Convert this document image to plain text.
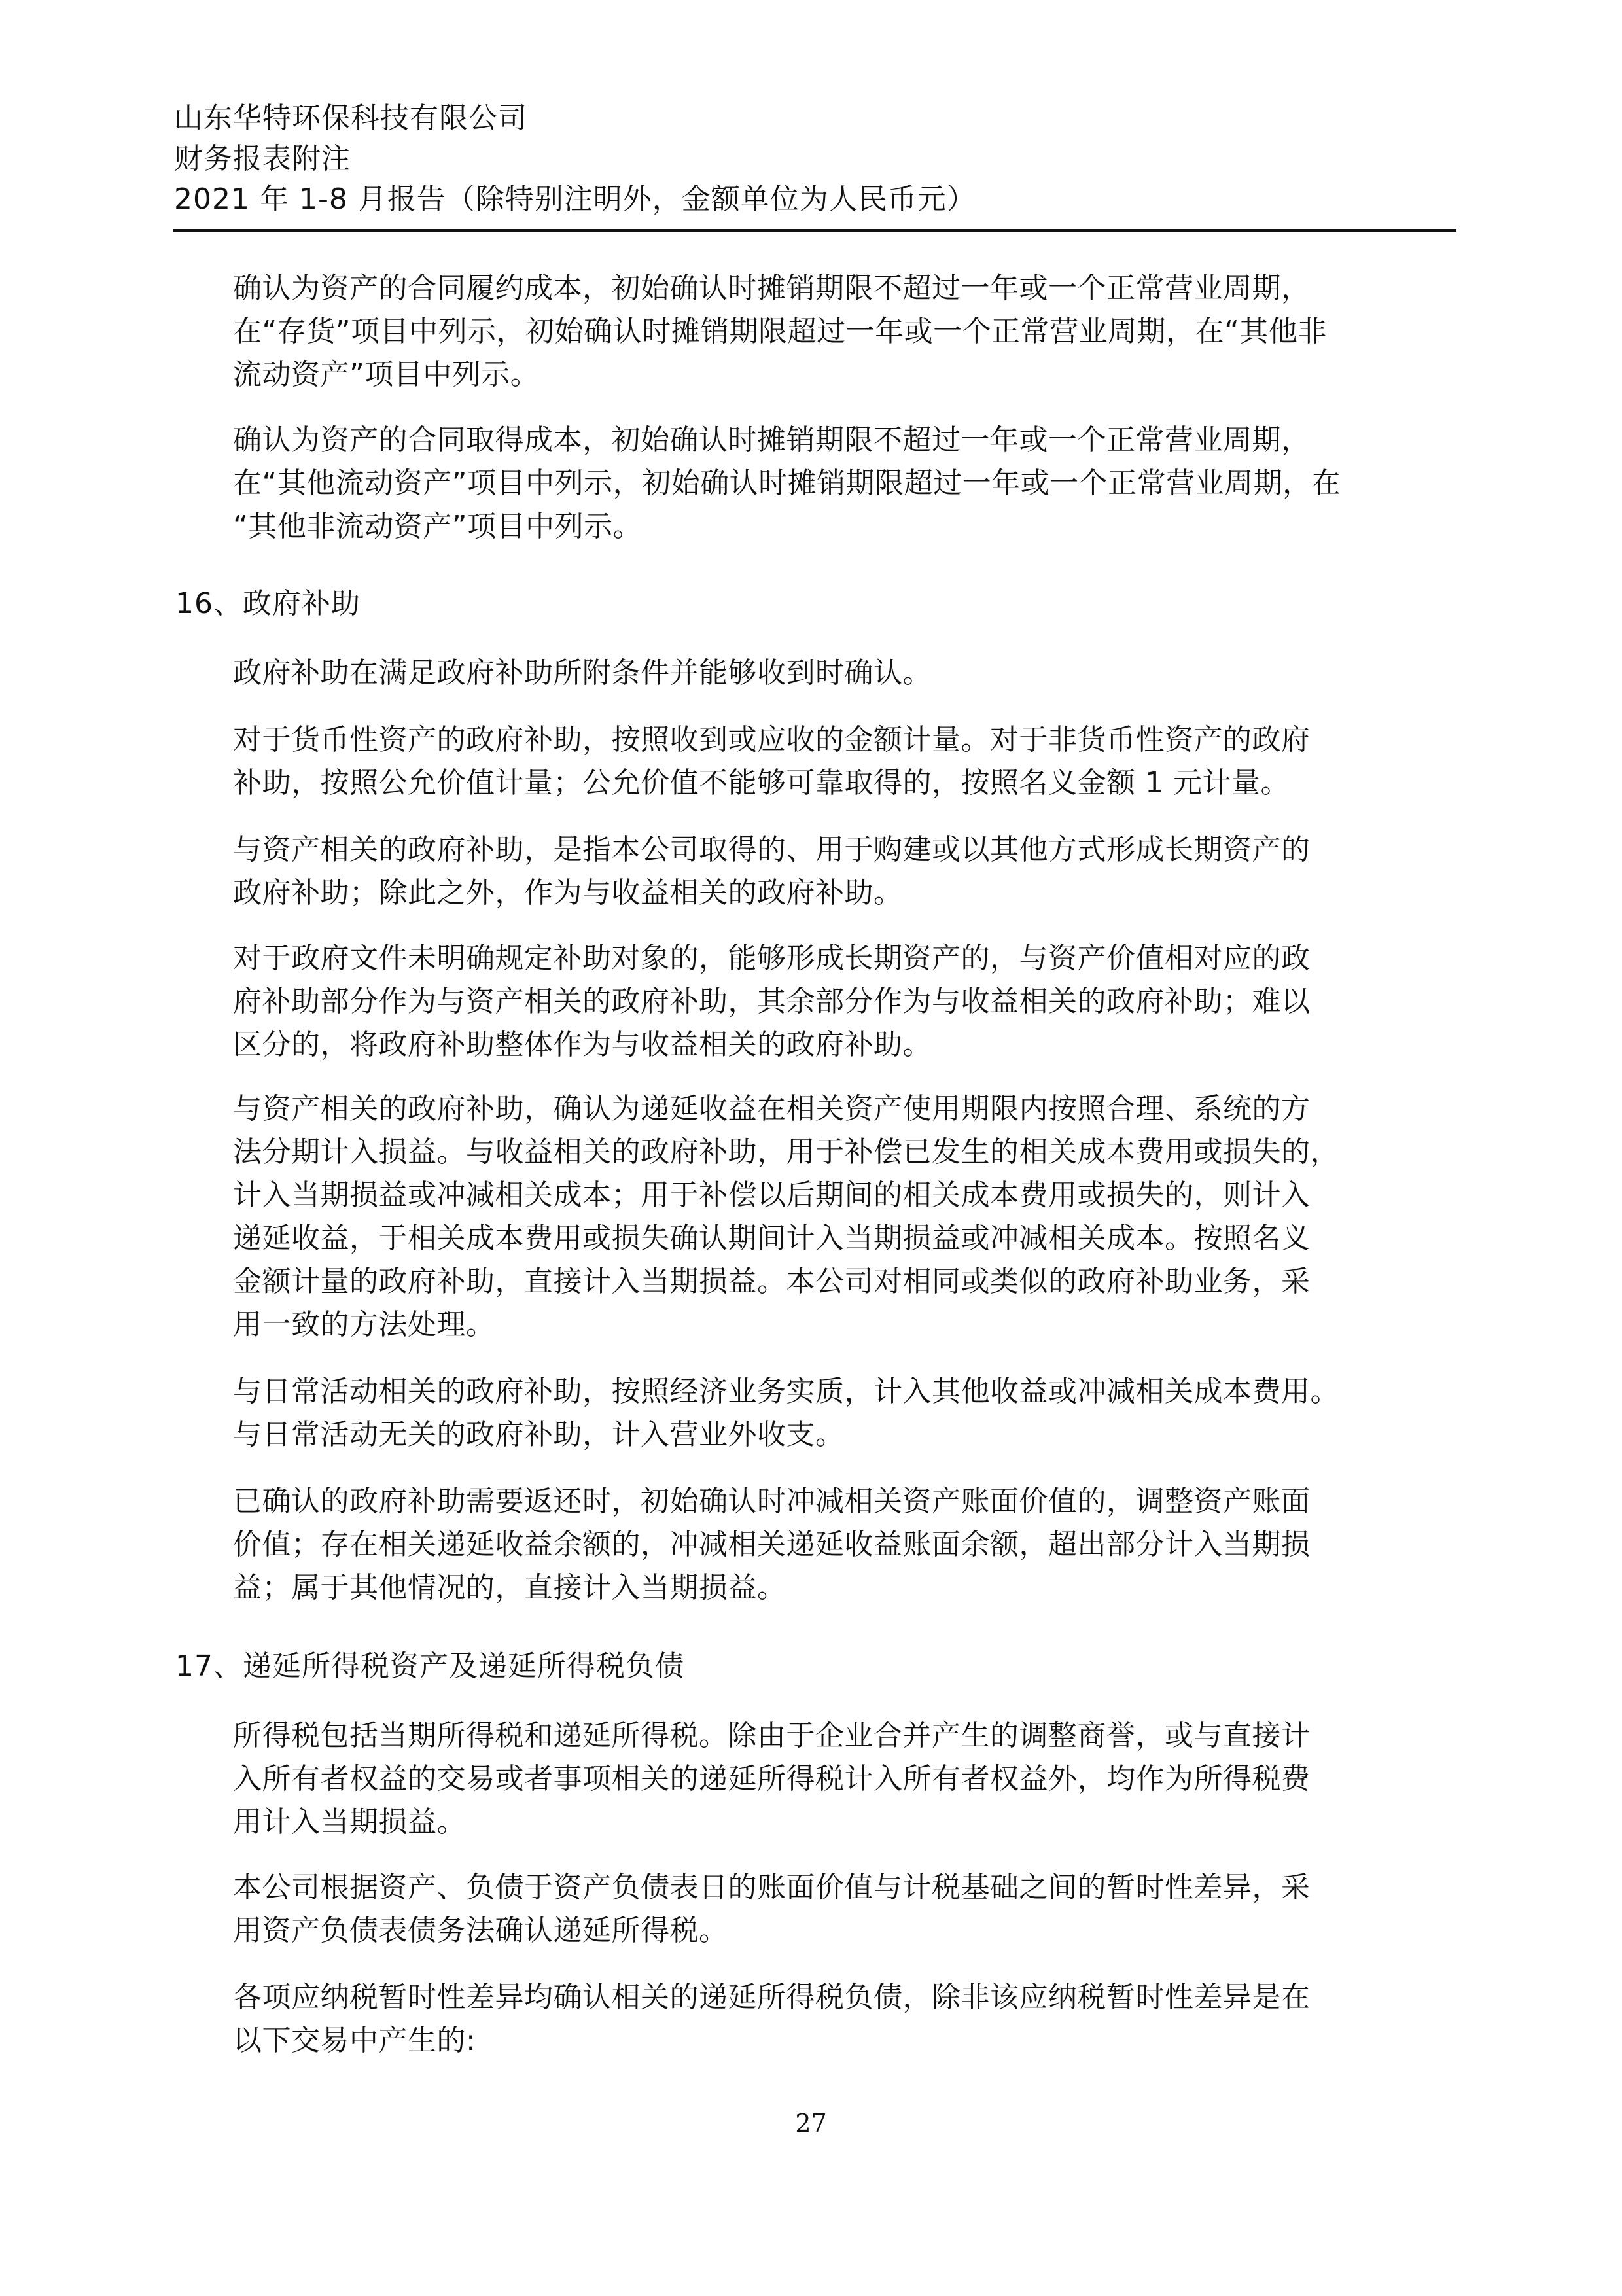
山东华特环保科技有限公司
财务报表附注
2021 年 1-8 月报告（除特别注明外，金额单位为人民币元）
确认为资产的合同履约成本，初始确认时摊销期限不超过一年或一个正常营业周期，
在“存货”项目中列示，初始确认时摊销期限超过一年或一个正常营业周期，在“其他非
流动资产”项目中列示。
确认为资产的合同取得成本，初始确认时摊销期限不超过一年或一个正常营业周期，
在“其他流动资产”项目中列示，初始确认时摊销期限超过一年或一个正常营业周期，在
“其他非流动资产”项目中列示。
16、政府补助
政府补助在满足政府补助所附条件并能够收到时确认。
对于货币性资产的政府补助，按照收到或应收的金额计量。对于非货币性资产的政府
补助，按照公允价值计量；公允价值不能够可靠取得的，按照名义金额 1 元计量。
与资产相关的政府补助，是指本公司取得的、用于购建或以其他方式形成长期资产的
政府补助；除此之外，作为与收益相关的政府补助。
对于政府文件未明确规定补助对象的，能够形成长期资产的，与资产价值相对应的政
府补助部分作为与资产相关的政府补助，其余部分作为与收益相关的政府补助；难以
区分的，将政府补助整体作为与收益相关的政府补助。
与资产相关的政府补助，确认为递延收益在相关资产使用期限内按照合理、系统的方
法分期计入损益。与收益相关的政府补助，用于补偿已发生的相关成本费用或损失的，
计入当期损益或冲减相关成本；用于补偿以后期间的相关成本费用或损失的，则计入
递延收益，于相关成本费用或损失确认期间计入当期损益或冲减相关成本。按照名义
金额计量的政府补助，直接计入当期损益。本公司对相同或类似的政府补助业务，采
用一致的方法处理。
与日常活动相关的政府补助，按照经济业务实质，计入其他收益或冲减相关成本费用。
与日常活动无关的政府补助，计入营业外收支。
已确认的政府补助需要返还时，初始确认时冲减相关资产账面价值的，调整资产账面
价值；存在相关递延收益余额的，冲减相关递延收益账面余额，超出部分计入当期损
益；属于其他情况的，直接计入当期损益。
17、递延所得税资产及递延所得税负债
所得税包括当期所得税和递延所得税。除由于企业合并产生的调整商誉，或与直接计
入所有者权益的交易或者事项相关的递延所得税计入所有者权益外，均作为所得税费
用计入当期损益。
本公司根据资产、负债于资产负债表日的账面价值与计税基础之间的暂时性差异，采
用资产负债表债务法确认递延所得税。
各项应纳税暂时性差异均确认相关的递延所得税负债，除非该应纳税暂时性差异是在
以下交易中产生的:
27
